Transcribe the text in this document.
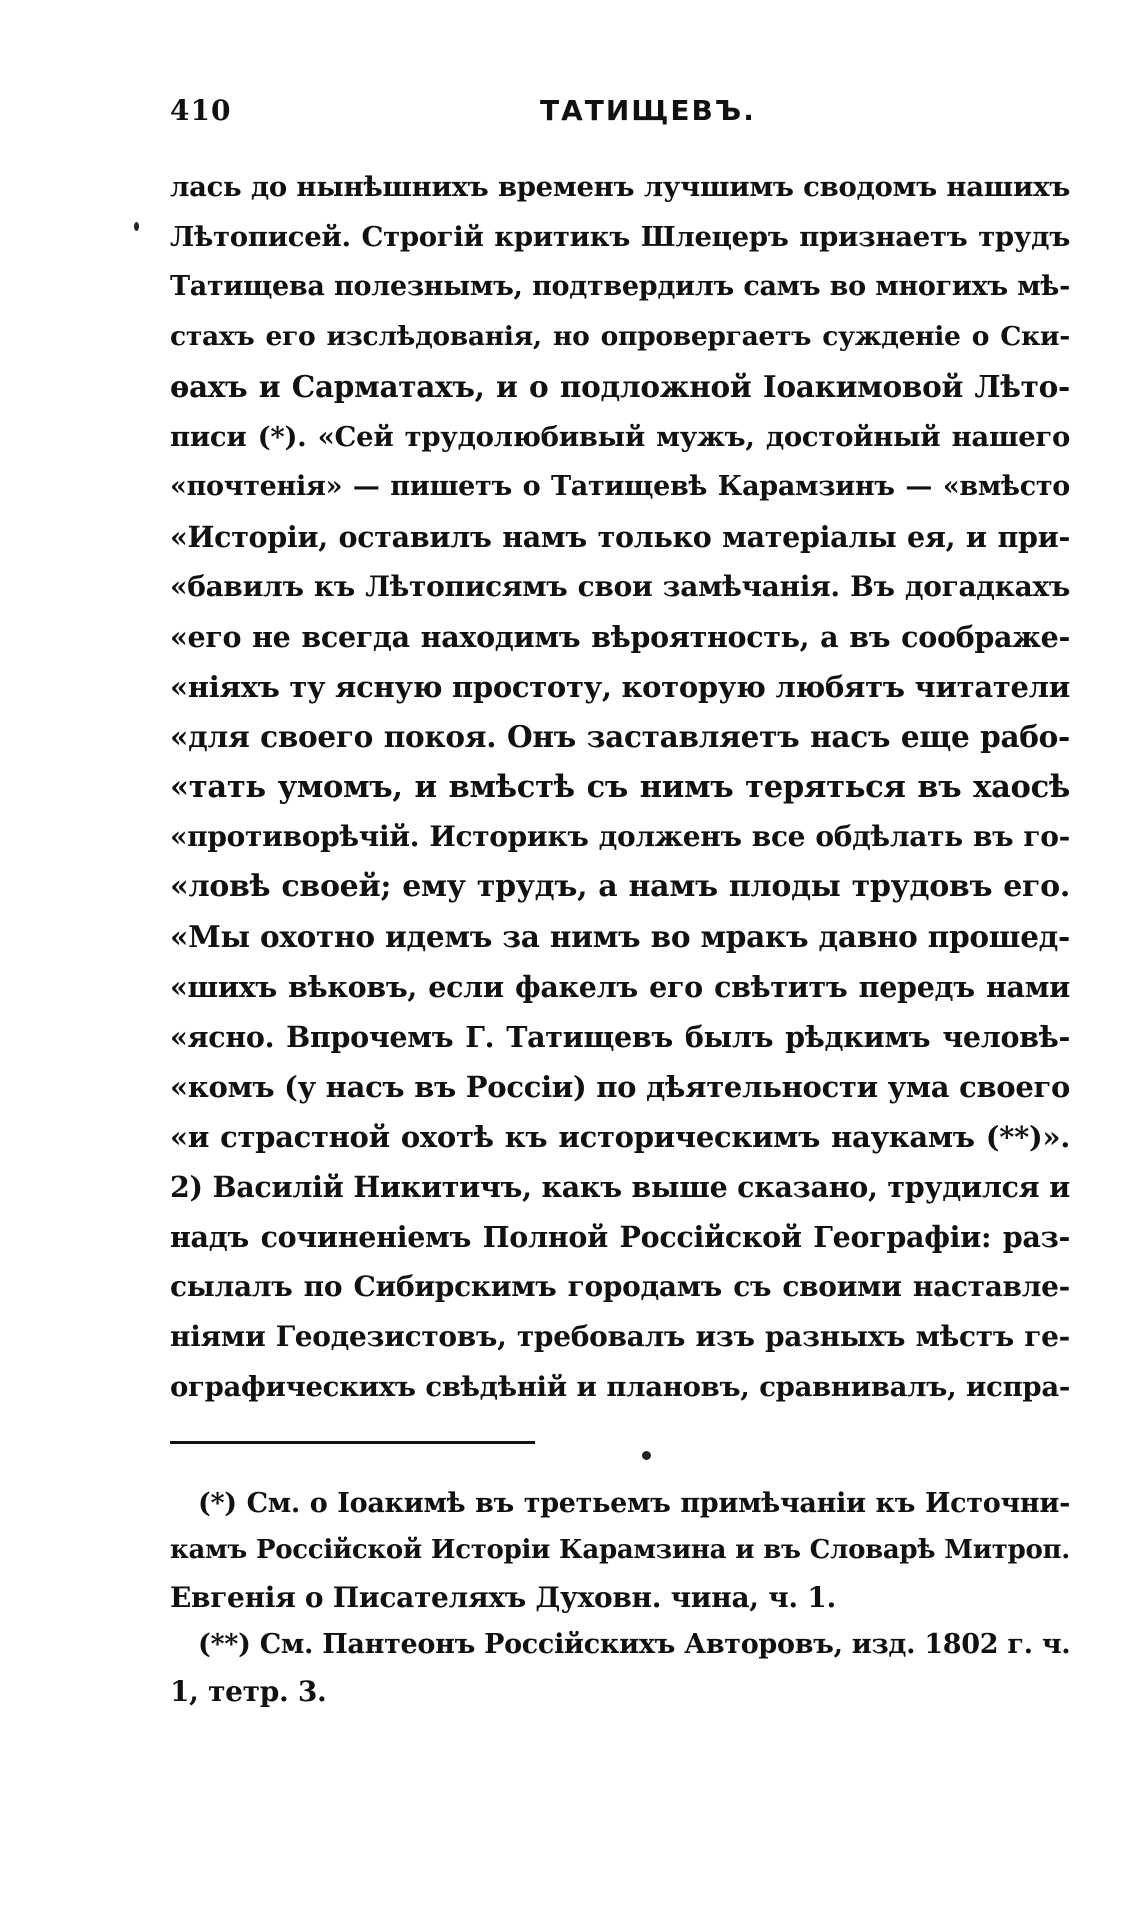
410	ТАТИЩЕВЪ.
лась до нынѣшнихъ временъ лучшимъ сводомъ нашихъ
Лѣтописей. Строгій критикъ Шлецеръ признаетъ трудъ
Татищева полезнымъ, подтвердилъ самъ во многихъ мѣ-
стахъ его изслѣдованія, но опровергаетъ сужденіе о Ски-
ѳахъ и Сарматахъ, и о подложной Іоакимовой Лѣто-
писи (*). «Сей трудолюбивый мужъ, достойный нашего
«почтенія» — пишетъ о Татищевѣ Карамзинъ — «вмѣсто
«Исторіи, оставилъ намъ только матеріалы ея, и при-
«бавилъ къ Лѣтописямъ свои замѣчанія. Въ догадкахъ
«его не всегда находимъ вѣроятность, а въ соображе-
«ніяхъ ту ясную простоту, которую любятъ читатели
«для своего покоя. Онъ заставляетъ насъ еще рабо-
«тать умомъ, и вмѣстѣ съ нимъ теряться въ хаосѣ
«противорѣчій. Историкъ долженъ все обдѣлать въ го-
«ловѣ своей; ему трудъ, а намъ плоды трудовъ его.
«Мы охотно идемъ за нимъ во мракъ давно прошед-
«шихъ вѣковъ, если факелъ его свѣтитъ передъ нами
«ясно. Впрочемъ Г. Татищевъ былъ рѣдкимъ человѣ-
«комъ (у насъ въ Россіи) по дѣятельности ума своего
«и страстной охотѣ къ историческимъ наукамъ (**)».
2) Василій Никитичъ, какъ выше сказано, трудился и
надъ сочиненіемъ Полной Россійской Географіи: раз-
сылалъ по Сибирскимъ городамъ съ своими наставле-
ніями Геодезистовъ, требовалъ изъ разныхъ мѣстъ ге-
ографическихъ свѣдѣній и плановъ, сравнивалъ, испра-
(*) См. о Іоакимѣ въ третьемъ примѣчаніи къ Источни-
камъ Россійской Исторіи Карамзина и въ Словарѣ Митроп.
Евгенія о Писателяхъ Духовн. чина, ч. 1.
(**) См. Пантеонъ Россійскихъ Авторовъ, изд. 1802 г. ч.
1, тетр. 3.
